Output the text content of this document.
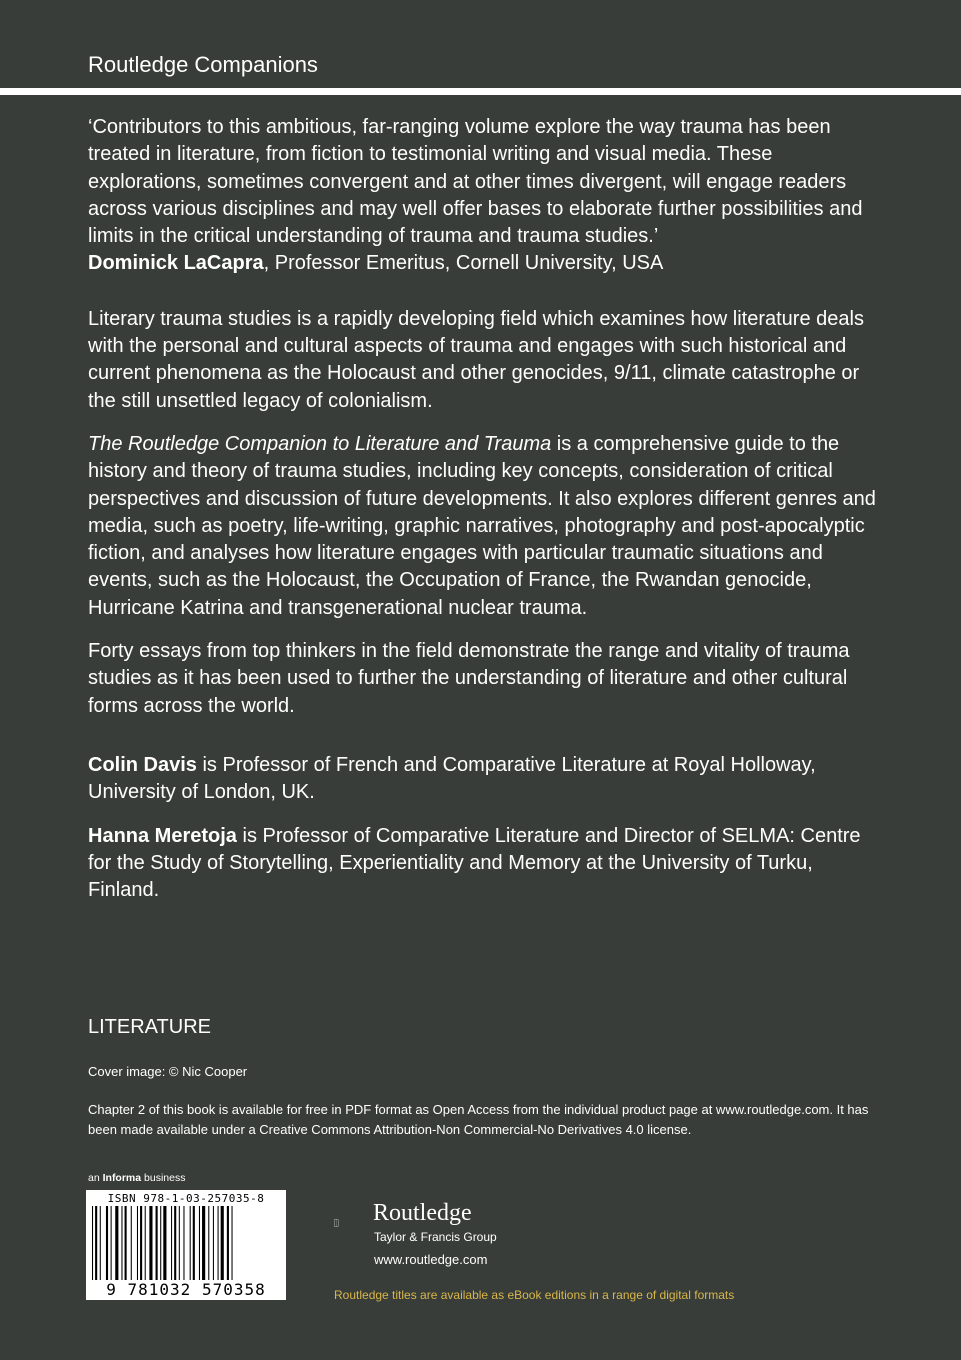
Routledge Companions

‘Contributors to this ambitious, far-ranging volume explore the way trauma has been treated in literature, from fiction to testimonial writing and visual media. These explorations, sometimes convergent and at other times divergent, will engage readers across various disciplines and may well offer bases to elaborate further possibilities and limits in the critical understanding of trauma and trauma studies.’

Dominick LaCapra, Professor Emeritus, Cornell University, USA

Literary trauma studies is a rapidly developing field which examines how literature deals with the personal and cultural aspects of trauma and engages with such historical and current phenomena as the Holocaust and other genocides, 9/11, climate catastrophe or the still unsettled legacy of colonialism.

The Routledge Companion to Literature and Trauma is a comprehensive guide to the history and theory of trauma studies, including key concepts, consideration of critical perspectives and discussion of future developments. It also explores different genres and media, such as poetry, life-writing, graphic narratives, photography and post-apocalyptic fiction, and analyses how literature engages with particular traumatic situations and events, such as the Holocaust, the Occupation of France, the Rwandan genocide, Hurricane Katrina and transgenerational nuclear trauma.

Forty essays from top thinkers in the field demonstrate the range and vitality of trauma studies as it has been used to further the understanding of literature and other cultural forms across the world.

Colin Davis is Professor of French and Comparative Literature at Royal Holloway, University of London, UK.

Hanna Meretoja is Professor of Comparative Literature and Director of SELMA: Centre for the Study of Storytelling, Experientiality and Memory at the University of Turku, Finland.

LITERATURE
Cover image: © Nic Cooper
Chapter 2 of this book is available for free in PDF format as Open Access from the individual product page at www.routledge.com. It has been made available under a Creative Commons Attribution-Non Commercial-No Derivatives 4.0 license.
an Informa business
ISBN 978-1-03-257035-8
9 781032 570358
ROUTLEDGE Routledge
Taylor & Francis Group
www.routledge.com
Routledge titles are available as eBook editions in a range of digital formats
